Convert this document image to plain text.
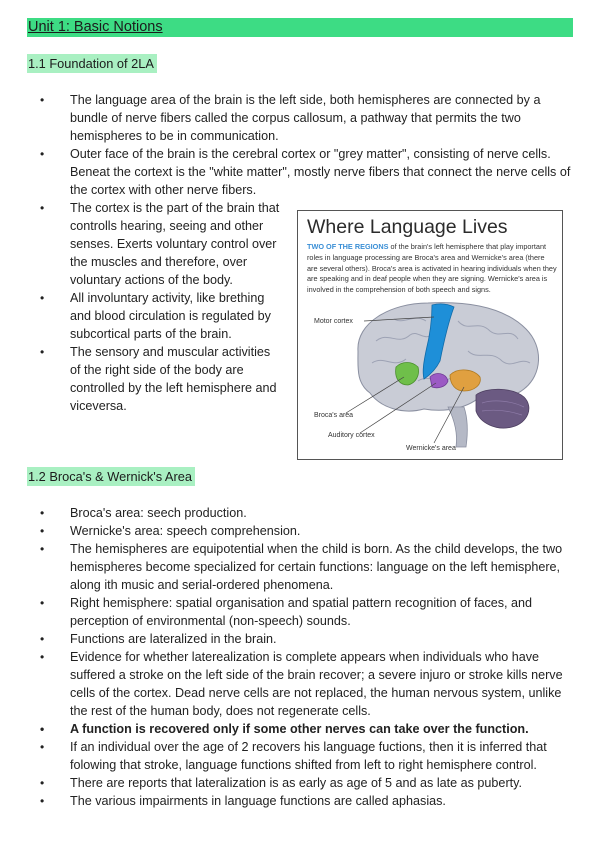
Unit 1: Basic Notions
1.1 Foundation of 2LA
• The language area of the brain is the left side, both hemispheres are connected by a bundle of nerve fibers called the corpus callosum, a pathway that permits the two hemispheres to be in communication.
• Outer face of the brain is the cerebral cortex or "grey matter", consisting of nerve cells. Beneat the cortext is the "white matter", mostly nerve fibers that connect the nerve cells of the cortex with other nerve fibers.
• The cortex is the part of the brain that controlls hearing, seeing and other senses. Exerts voluntary control over the muscles and therefore, over voluntary actions of the body.
• All involuntary activity, like brething and blood circulation is regulated by subcortical parts of the brain.
• The sensory and muscular activities of the right side of the body are controlled by the left hemisphere and viceversa.
Where Language Lives
TWO OF THE REGIONS of the brain's left hemisphere that play important roles in language processing are Broca's area and Wernicke's area (there are several others). Broca's area is activated in hearing individuals when they are speaking and in deaf people when they are signing. Wernicke's area is involved in the comprehension of both speech and signs.
Motor cortex
Broca's area
Auditory cortex
Wernicke's area
1.2 Broca's & Wernick's Area
• Broca's area: seech production.
• Wernicke's area: speech comprehension.
• The hemispheres are equipotential when the child is born. As the child develops, the two hemispheres become specialized for certain functions: language on the left hemisphere, along ith music and serial-ordered phenomena.
• Right hemisphere: spatial organisation and spatial pattern recognition of faces, and perception of environmental (non-speech) sounds.
• Functions are lateralized in the brain.
• Evidence for whether laterealization is complete appears when individuals who have suffered a stroke on the left side of the brain recover; a severe injuro or stroke kills nerve cells of the cortex. Dead nerve cells are not replaced, the human nervous system, unlike the rest of the human body, does not regenerate cells.
• A function is recovered only if some other nerves can take over the function.
• If an individual over the age of 2 recovers his language fuctions, then it is inferred that folowing that stroke, language functions shifted from left to right hemisphere control.
• There are reports that lateralization is as early as age of 5 and as late as puberty.
• The various impairments in language functions are called aphasias.
